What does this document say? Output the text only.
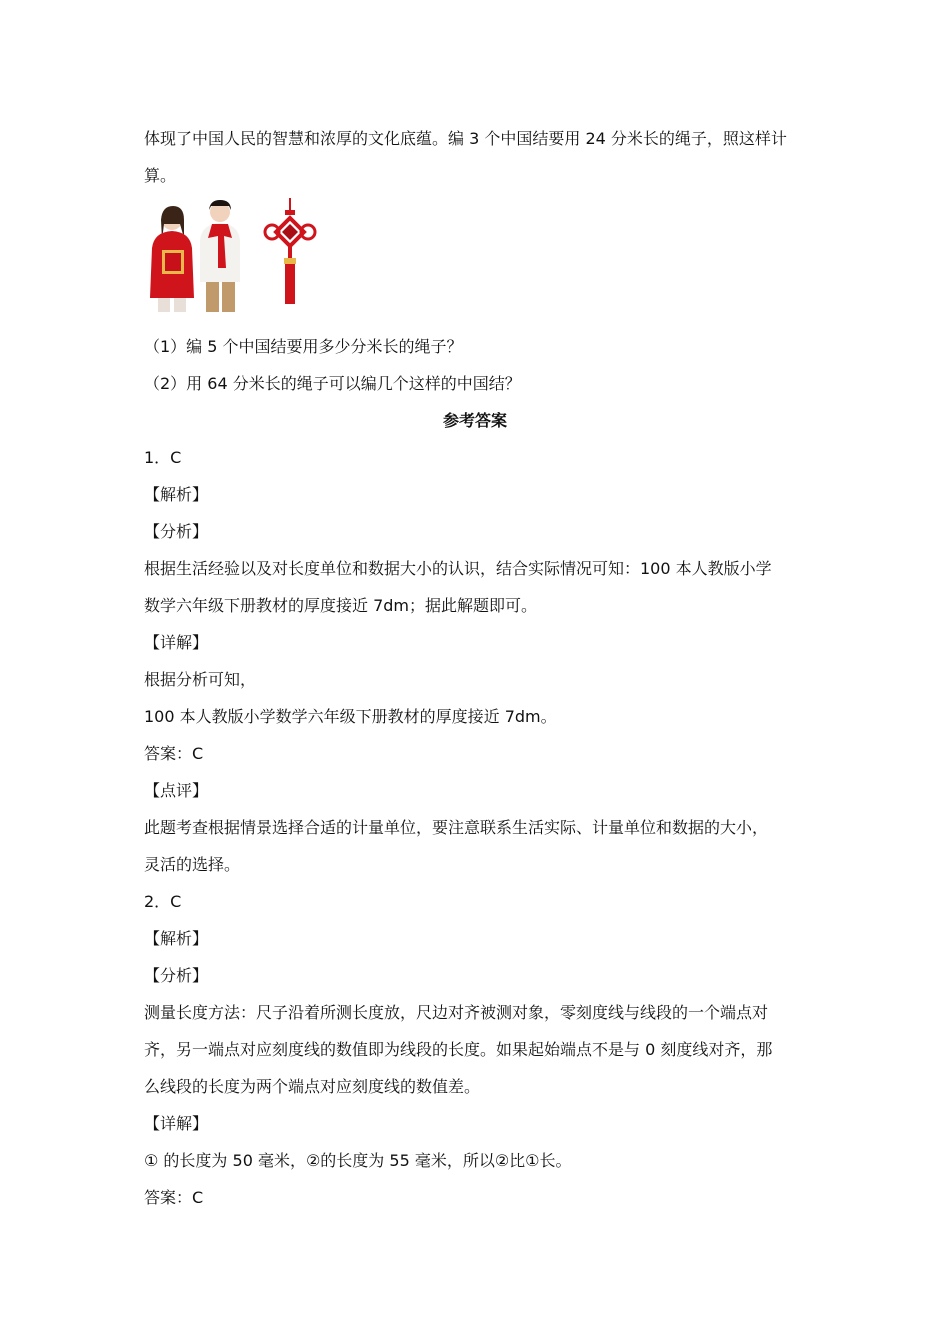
体现了中国人民的智慧和浓厚的文化底蕴。编 3 个中国结要用 24 分米长的绳子，照这样计
算。
（1）编 5 个中国结要用多少分米长的绳子？
（2）用 64 分米长的绳子可以编几个这样的中国结？
参考答案
1．C
【解析】
【分析】
根据生活经验以及对长度单位和数据大小的认识，结合实际情况可知：100 本人教版小学
数学六年级下册教材的厚度接近 7dm；据此解题即可。
【详解】
根据分析可知，
100 本人教版小学数学六年级下册教材的厚度接近 7dm。
答案：C
【点评】
此题考查根据情景选择合适的计量单位，要注意联系生活实际、计量单位和数据的大小，
灵活的选择。
2．C
【解析】
【分析】
测量长度方法：尺子沿着所测长度放，尺边对齐被测对象，零刻度线与线段的一个端点对
齐，另一端点对应刻度线的数值即为线段的长度。如果起始端点不是与 0 刻度线对齐，那
么线段的长度为两个端点对应刻度线的数值差。
【详解】
① 的长度为 50 毫米，②的长度为 55 毫米，所以②比①长。
答案：C
